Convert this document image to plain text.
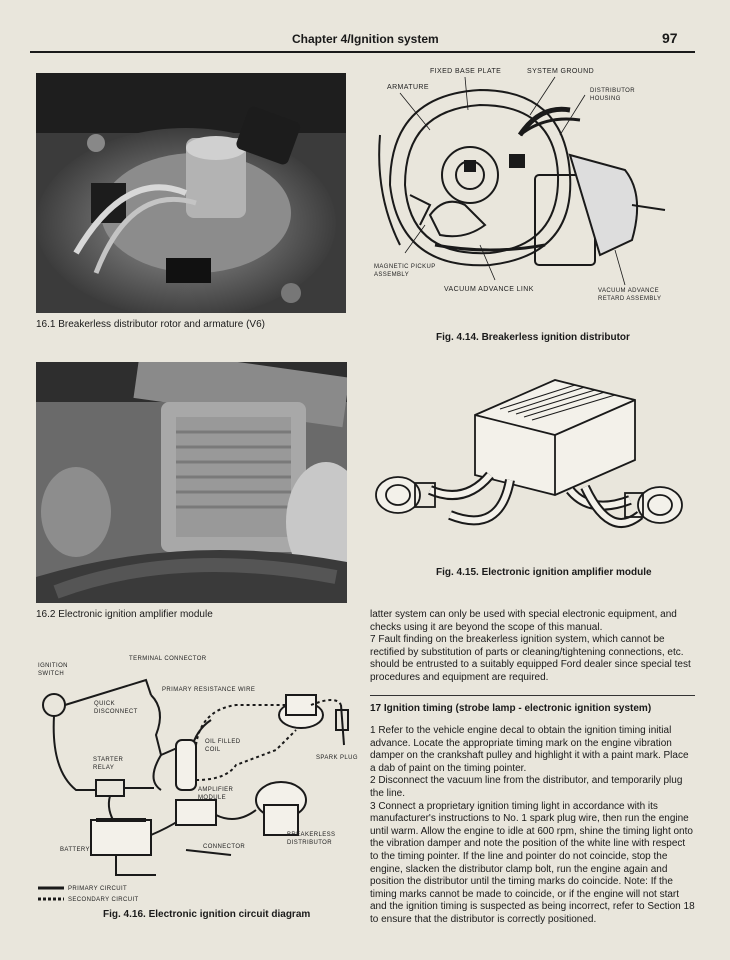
Chapter 4/Ignition system	97
16.1 Breakerless distributor rotor and armature (V6)
16.2 Electronic ignition amplifier module
FIXED BASE PLATE	SYSTEM GROUND
ARMATURE	DISTRIBUTOR
HOUSING
MAGNETIC PICKUP
ASSEMBLY
VACUUM ADVANCE LINK	VACUUM ADVANCE
RETARD ASSEMBLY
Fig. 4.14. Breakerless ignition distributor
Fig. 4.15. Electronic ignition amplifier module
IGNITION
SWITCH
TERMINAL CONNECTOR
PRIMARY RESISTANCE WIRE
QUICK
DISCONNECT
OIL FILLED
COIL
SPARK PLUG
STARTER
RELAY
AMPLIFIER
MODULE
BATTERY	CONNECTOR
BREAKERLESS
DISTRIBUTOR
PRIMARY CIRCUIT
SECONDARY CIRCUIT
Fig. 4.16. Electronic ignition circuit diagram

latter system can only be used with special electronic equipment, and checks using it are beyond the scope of this manual.

7 Fault finding on the breakerless ignition system, which cannot be rectified by substitution of parts or cleaning/tightening connections, etc. should be entrusted to a suitably equipped Ford dealer since special test procedures and equipment are required.

17 Ignition timing (strobe lamp - electronic ignition system)

1 Refer to the vehicle engine decal to obtain the ignition timing initial advance. Locate the appropriate timing mark on the engine vibration damper on the crankshaft pulley and highlight it with a paint mark. Place a dab of paint on the timing pointer.

2 Disconnect the vacuum line from the distributor, and temporarily plug the line.

3 Connect a proprietary ignition timing light in accordance with its manufacturer's instructions to No. 1 spark plug wire, then run the engine until warm. Allow the engine to idle at 600 rpm, shine the timing light onto the vibration damper and note the position of the white line with respect to the timing pointer. If the line and pointer do not coincide, stop the engine, slacken the distributor clamp bolt, run the engine again and position the distributor until the timing marks do coincide. Note: If the timing marks cannot be made to coincide, or if the engine will not start and the ignition timing is suspected as being incorrect, refer to Section 18 to ensure that the distributor is correctly positioned.
